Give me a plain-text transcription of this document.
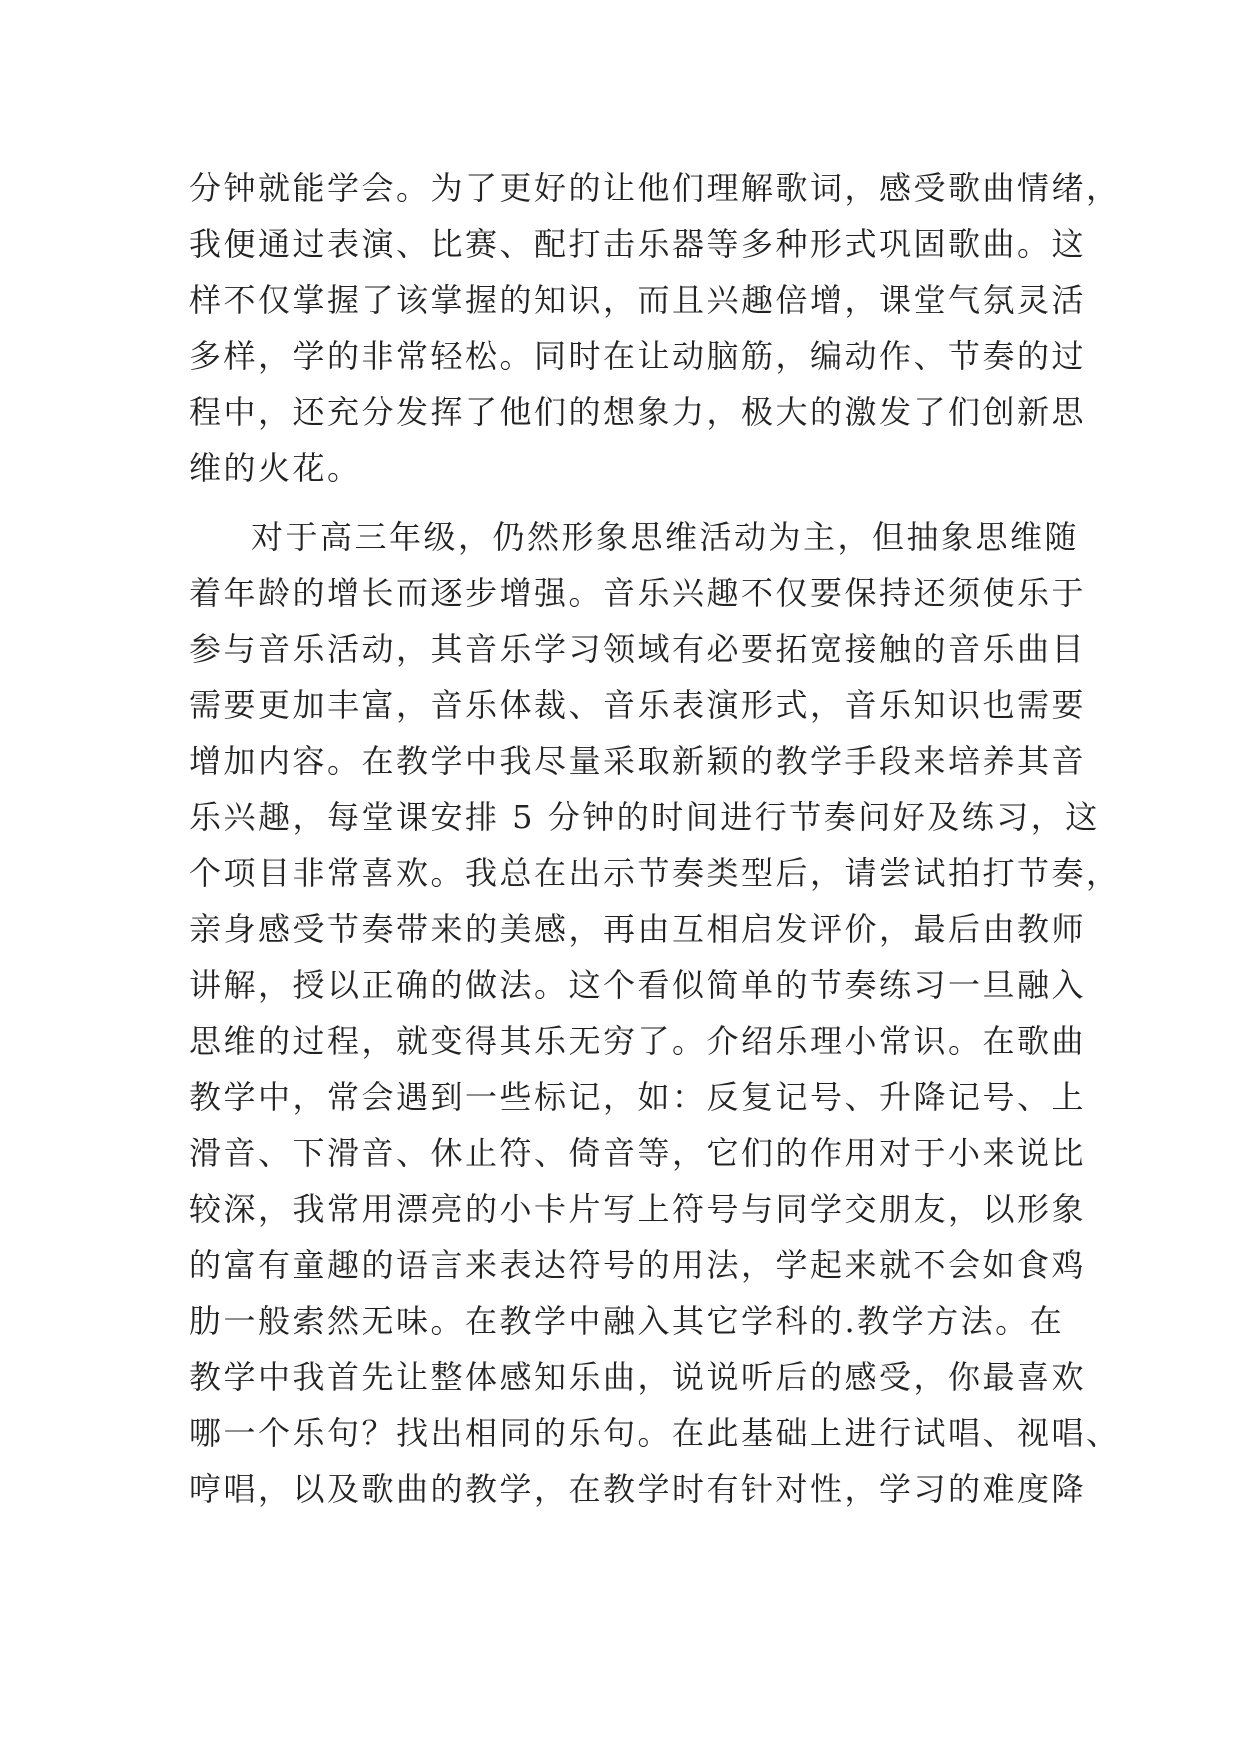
分钟就能学会。为了更好的让他们理解歌词，感受歌曲情绪，
我便通过表演、比赛、配打击乐器等多种形式巩固歌曲。这
样不仅掌握了该掌握的知识，而且兴趣倍增，课堂气氛灵活
多样，学的非常轻松。同时在让动脑筋，编动作、节奏的过
程中，还充分发挥了他们的想象力，极大的激发了们创新思
维的火花。
对于高三年级，仍然形象思维活动为主，但抽象思维随
着年龄的增长而逐步增强。音乐兴趣不仅要保持还须使乐于
参与音乐活动，其音乐学习领域有必要拓宽接触的音乐曲目
需要更加丰富，音乐体裁、音乐表演形式，音乐知识也需要
增加内容。在教学中我尽量采取新颖的教学手段来培养其音
乐兴趣，每堂课安排 5 分钟的时间进行节奏问好及练习，这
个项目非常喜欢。我总在出示节奏类型后，请尝试拍打节奏，
亲身感受节奏带来的美感，再由互相启发评价，最后由教师
讲解，授以正确的做法。这个看似简单的节奏练习一旦融入
思维的过程，就变得其乐无穷了。介绍乐理小常识。在歌曲
教学中，常会遇到一些标记，如：反复记号、升降记号、上
滑音、下滑音、休止符、倚音等，它们的作用对于小来说比
较深，我常用漂亮的小卡片写上符号与同学交朋友，以形象
的富有童趣的语言来表达符号的用法，学起来就不会如食鸡
肋一般索然无味。在教学中融入其它学科的.教学方法。在
教学中我首先让整体感知乐曲，说说听后的感受，你最喜欢
哪一个乐句？找出相同的乐句。在此基础上进行试唱、视唱、
哼唱，以及歌曲的教学，在教学时有针对性，学习的难度降
